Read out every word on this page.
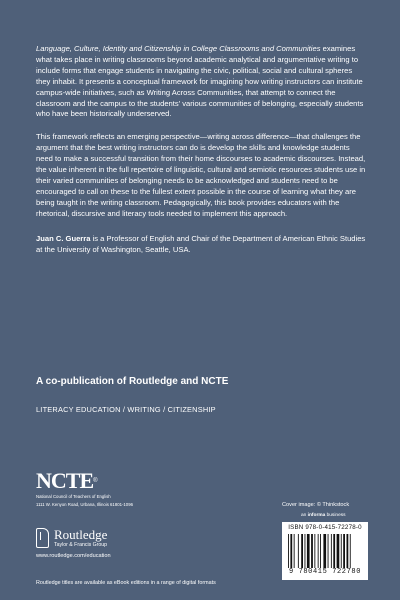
Language, Culture, Identity and Citizenship in College Classrooms and Communities examines what takes place in writing classrooms beyond academic analytical and argumentative writing to include forms that engage students in navigating the civic, political, social and cultural spheres they inhabit. It presents a conceptual framework for imagining how writing instructors can institute campus-wide initiatives, such as Writing Across Communities, that attempt to connect the classroom and the campus to the students' various communities of belonging, especially students who have been historically underserved.

This framework reflects an emerging perspective—writing across difference—that challenges the argument that the best writing instructors can do is develop the skills and knowledge students need to make a successful transition from their home discourses to academic discourses. Instead, the value inherent in the full repertoire of linguistic, cultural and semiotic resources students use in their varied communities of belonging needs to be acknowledged and students need to be encouraged to call on these to the fullest extent possible in the course of learning what they are being taught in the writing classroom. Pedagogically, this book provides educators with the rhetorical, discursive and literacy tools needed to implement this approach.

Juan C. Guerra is a Professor of English and Chair of the Department of American Ethnic Studies at the University of Washington, Seattle, USA.

A co-publication of Routledge and NCTE
LITERACY EDUCATION / WRITING / CITIZENSHIP
NCTE®
National Council of Teachers of English
1111 W. Kenyon Road, Urbana, Illinois 61801-1096
Routledge
Taylor & Francis Group
www.routledge.com/education
Routledge titles are available as eBook editions in a range of digital formats
Cover image: © Thinkstock
an informa business
ISBN 978-0-415-72278-0
9 780415 722780
